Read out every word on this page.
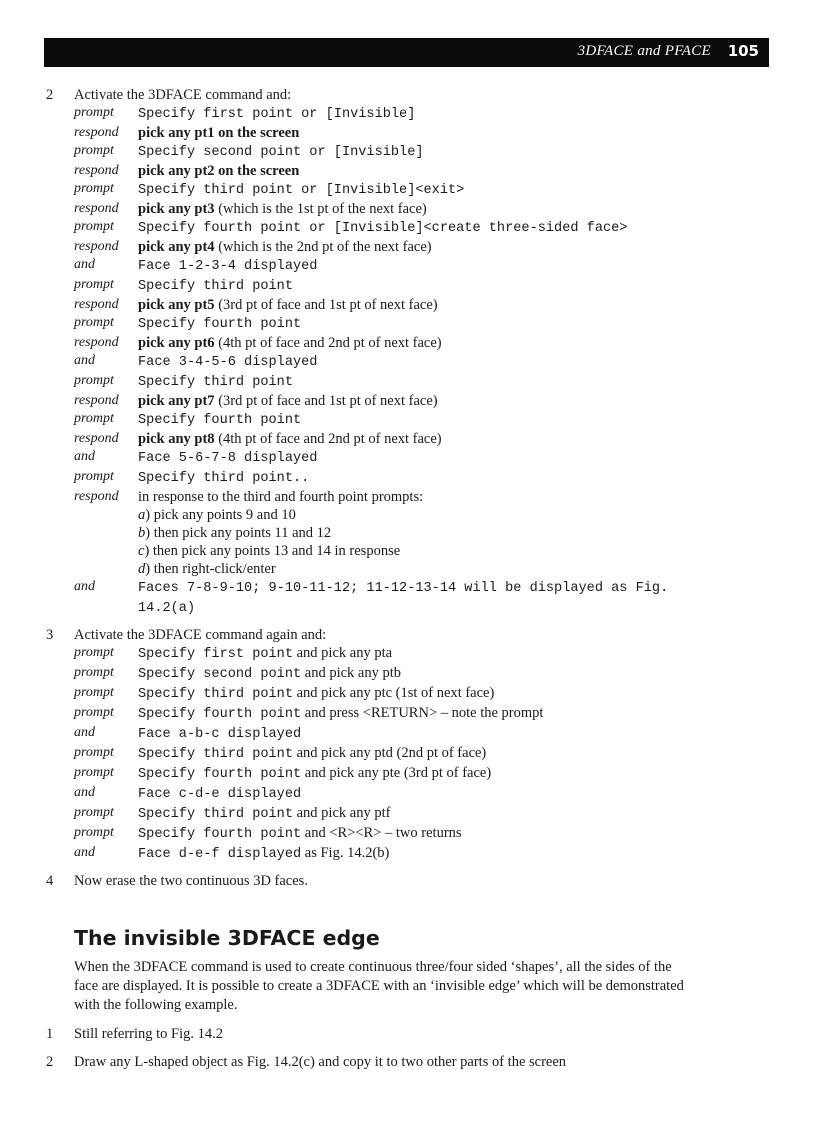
3DFACE and PFACE 105
2 Activate the 3DFACE command and:
prompt	Specify first point or [Invisible]
respond	pick any pt1 on the screen
prompt	Specify second point or [Invisible]
respond	pick any pt2 on the screen
prompt	Specify third point or [Invisible]<exit>
respond	pick any pt3 (which is the 1st pt of the next face)
prompt	Specify fourth point or [Invisible]<create three-sided face>
respond	pick any pt4 (which is the 2nd pt of the next face)
and	Face 1-2-3-4 displayed
prompt	Specify third point
respond	pick any pt5 (3rd pt of face and 1st pt of next face)
prompt	Specify fourth point
respond	pick any pt6 (4th pt of face and 2nd pt of next face)
and	Face 3-4-5-6 displayed
prompt	Specify third point
respond	pick any pt7 (3rd pt of face and 1st pt of next face)
prompt	Specify fourth point
respond	pick any pt8 (4th pt of face and 2nd pt of next face)
and	Face 5-6-7-8 displayed
prompt	Specify third point..
respond	in response to the third and fourth point prompts:
a) pick any points 9 and 10
b) then pick any points 11 and 12
c) then pick any points 13 and 14 in response
d) then right-click/enter
and	Faces 7-8-9-10; 9-10-11-12; 11-12-13-14 will be displayed as Fig. 14.2(a)
3 Activate the 3DFACE command again and:
prompt	Specify first point and pick any pta
prompt	Specify second point and pick any ptb
prompt	Specify third point and pick any ptc (1st of next face)
prompt	Specify fourth point and press <RETURN> – note the prompt
and	Face a-b-c displayed
prompt	Specify third point and pick any ptd (2nd pt of face)
prompt	Specify fourth point and pick any pte (3rd pt of face)
and	Face c-d-e displayed
prompt	Specify third point and pick any ptf
prompt	Specify fourth point and <R><R> – two returns
and	Face d-e-f displayed as Fig. 14.2(b)
4 Now erase the two continuous 3D faces.
The invisible 3DFACE edge
When the 3DFACE command is used to create continuous three/four sided ‘shapes’, all the sides of the face are displayed. It is possible to create a 3DFACE with an ‘invisible edge’ which will be demonstrated with the following example.
1 Still referring to Fig. 14.2
2 Draw any L-shaped object as Fig. 14.2(c) and copy it to two other parts of the screen
